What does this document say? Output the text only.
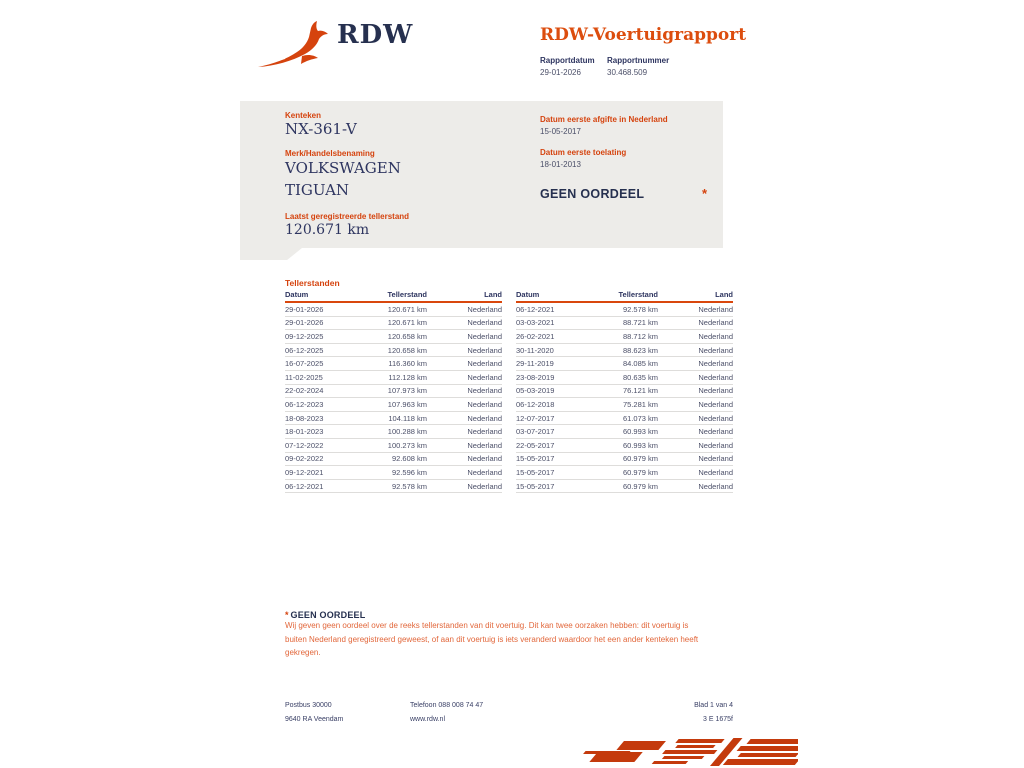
RDW	RDW-Voertuigrapport
Rapportdatum	Rapportnummer
29-01-2026	30.468.509
Kenteken
NX-361-V
Merk/Handelsbenaming
VOLKSWAGEN
TIGUAN
Laatst geregistreerde tellerstand
120.671 km
Datum eerste afgifte in Nederland
15-05-2017
Datum eerste toelating
18-01-2013
GEEN OORDEEL	*
Tellerstanden
Datum	Tellerstand	Land
29-01-2026	120.671 km	Nederland
29-01-2026	120.671 km	Nederland
09-12-2025	120.658 km	Nederland
06-12-2025	120.658 km	Nederland
16-07-2025	116.360 km	Nederland
11-02-2025	112.128 km	Nederland
22-02-2024	107.973 km	Nederland
06-12-2023	107.963 km	Nederland
18-08-2023	104.118 km	Nederland
18-01-2023	100.288 km	Nederland
07-12-2022	100.273 km	Nederland
09-02-2022	92.608 km	Nederland
09-12-2021	92.596 km	Nederland
06-12-2021	92.578 km	Nederland
Datum	Tellerstand	Land
06-12-2021	92.578 km	Nederland
03-03-2021	88.721 km	Nederland
26-02-2021	88.712 km	Nederland
30-11-2020	88.623 km	Nederland
29-11-2019	84.085 km	Nederland
23-08-2019	80.635 km	Nederland
05-03-2019	76.121 km	Nederland
06-12-2018	75.281 km	Nederland
12-07-2017	61.073 km	Nederland
03-07-2017	60.993 km	Nederland
22-05-2017	60.993 km	Nederland
15-05-2017	60.979 km	Nederland
15-05-2017	60.979 km	Nederland
15-05-2017	60.979 km	Nederland
* GEEN OORDEEL
Wij geven geen oordeel over de reeks tellerstanden van dit voertuig. Dit kan twee oorzaken hebben: dit voertuig is buiten Nederland geregistreerd geweest, of aan dit voertuig is iets veranderd waardoor het een ander kenteken heeft gekregen.
Postbus 30000
9640 RA Veendam
Telefoon 088 008 74 47
www.rdw.nl
Blad 1 van 4
3 E 1675f
